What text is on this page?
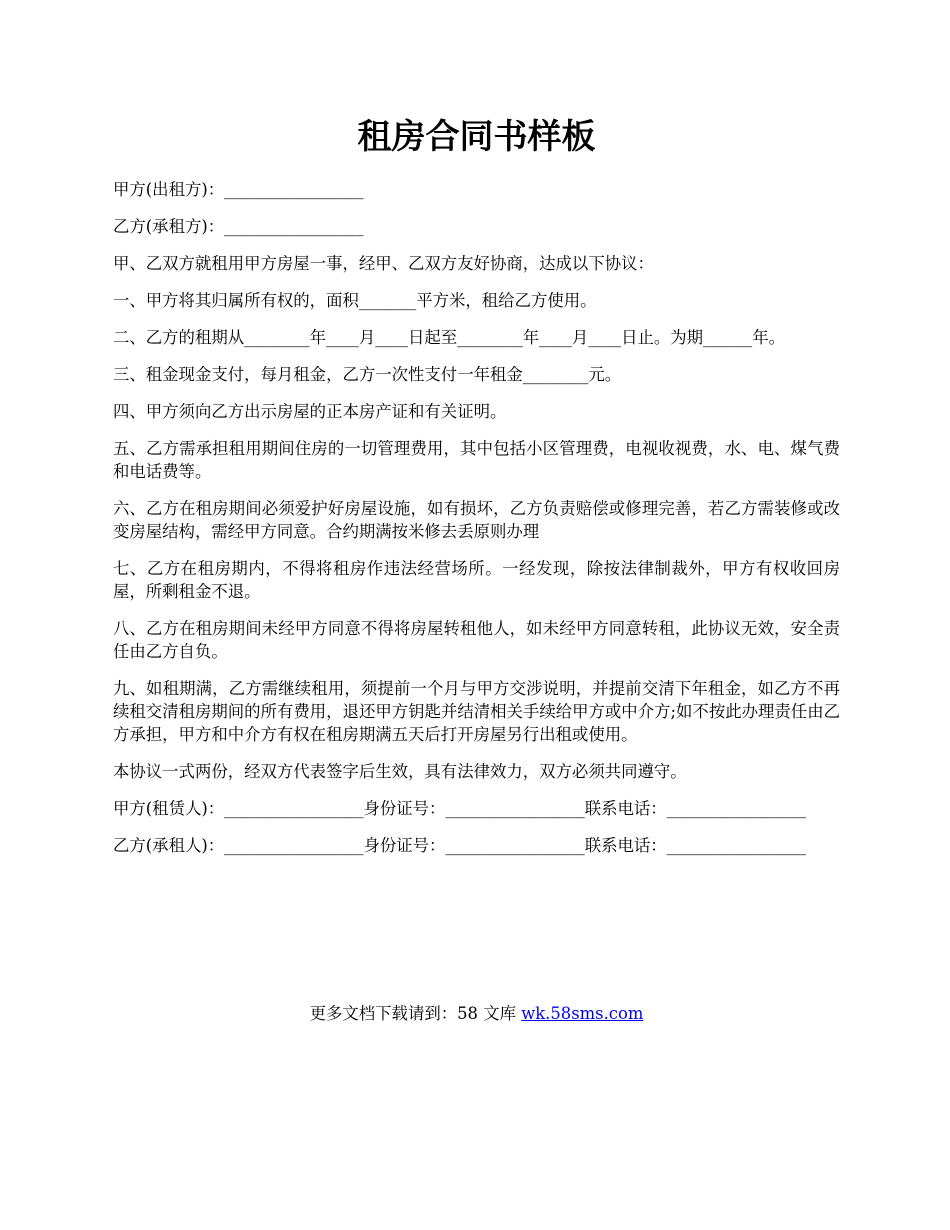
租房合同书样板

甲方(出租方)：_________________

乙方(承租方)：_________________

甲、乙双方就租用甲方房屋一事，经甲、乙双方友好协商，达成以下协议：

一、甲方将其归属所有权的，面积_______平方米，租给乙方使用。

二、乙方的租期从________年____月____日起至________年____月____日止。为期______年。

三、租金现金支付，每月租金，乙方一次性支付一年租金________元。

四、甲方须向乙方出示房屋的正本房产证和有关证明。

五、乙方需承担租用期间住房的一切管理费用，其中包括小区管理费，电视收视费，水、电、煤气费和电话费等。

六、乙方在租房期间必须爱护好房屋设施，如有损坏，乙方负责赔偿或修理完善，若乙方需装修或改变房屋结构，需经甲方同意。合约期满按米修去丢原则办理

七、乙方在租房期内，不得将租房作违法经营场所。一经发现，除按法律制裁外，甲方有权收回房屋，所剩租金不退。

八、乙方在租房期间未经甲方同意不得将房屋转租他人，如未经甲方同意转租，此协议无效，安全责任由乙方自负。

九、如租期满，乙方需继续租用，须提前一个月与甲方交涉说明，并提前交清下年租金，如乙方不再续租交清租房期间的所有费用，退还甲方钥匙并结清相关手续给甲方或中介方;如不按此办理责任由乙方承担，甲方和中介方有权在租房期满五天后打开房屋另行出租或使用。

本协议一式两份，经双方代表签字后生效，具有法律效力，双方必须共同遵守。

甲方(租赁人)：_________________身份证号：_________________联系电话：_________________

乙方(承租人)：_________________身份证号：_________________联系电话：_________________

更多文档下载请到：58 文库 wk.58sms.com
